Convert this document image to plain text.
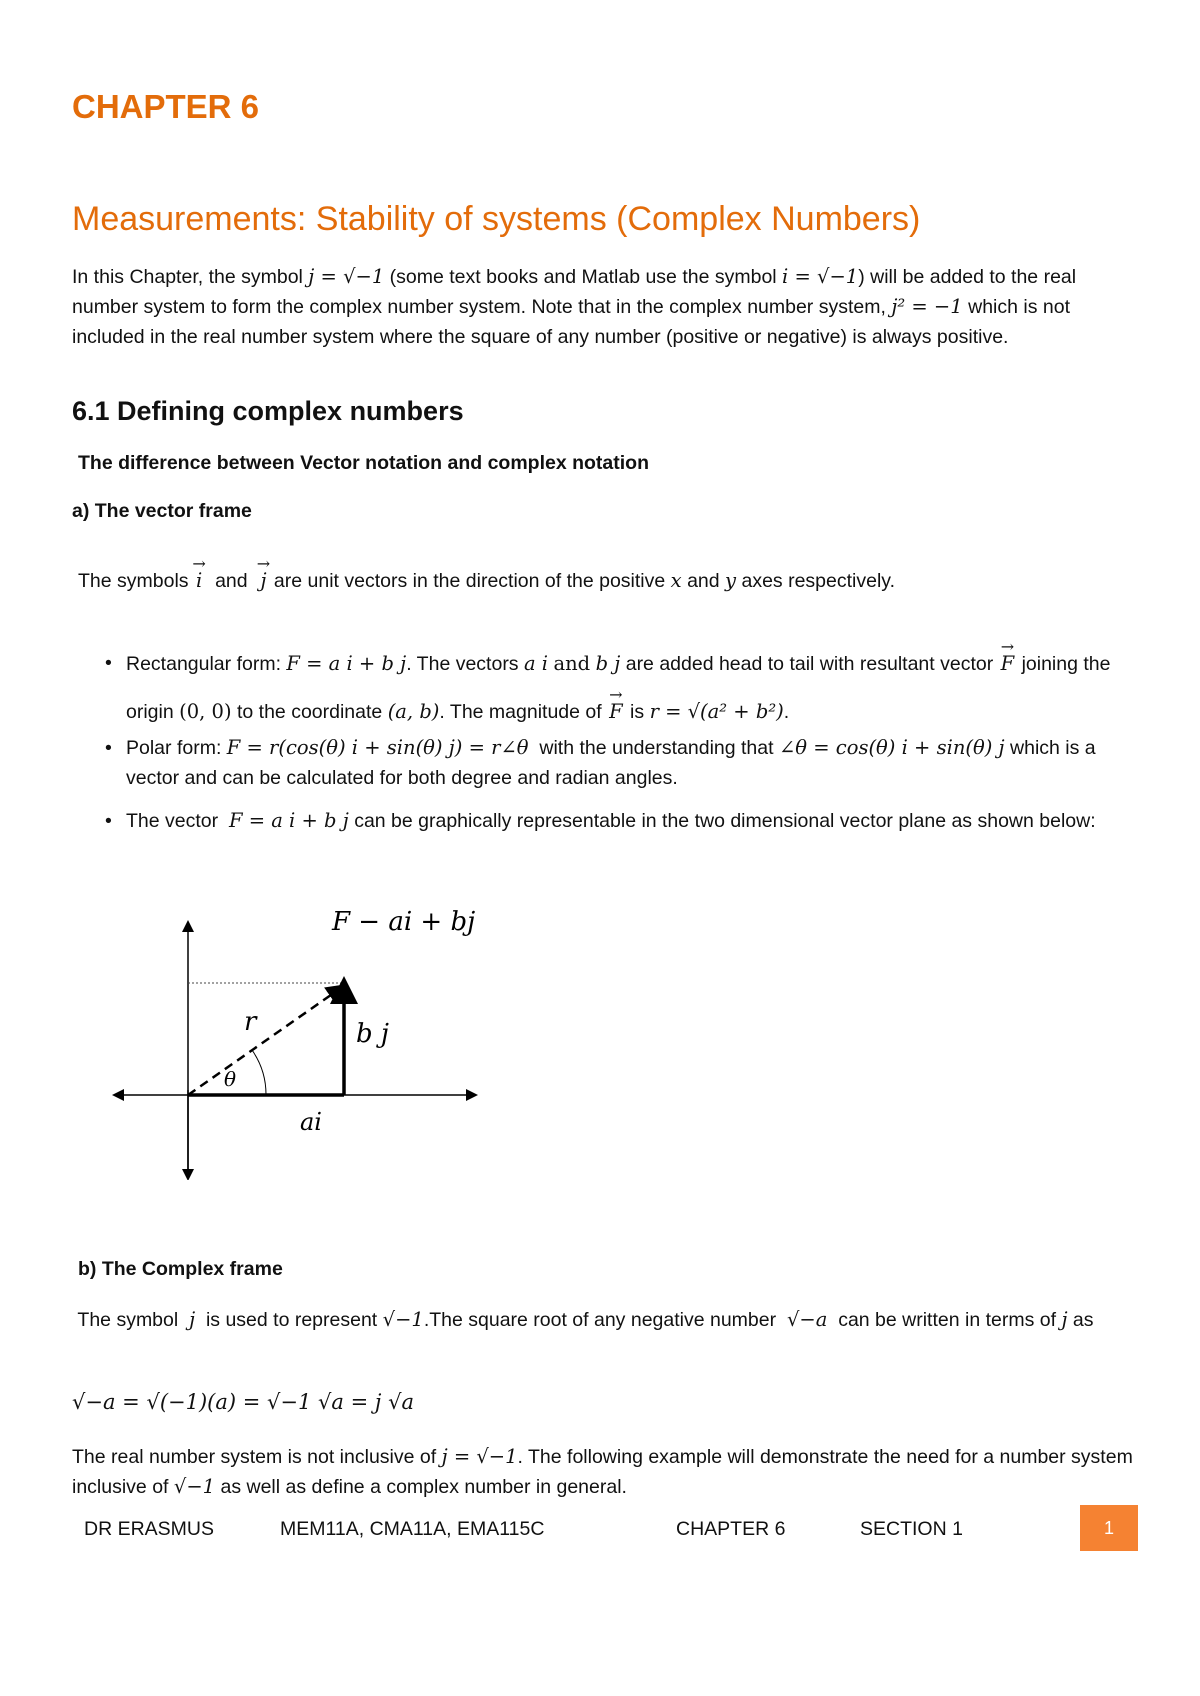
CHAPTER 6
Measurements: Stability of systems (Complex Numbers)
In this Chapter, the symbol j = √−1 (some text books and Matlab use the symbol i = √−1) will be added to the real number system to form the complex number system. Note that in the complex number system, j² = −1 which is not included in the real number system where the square of any number (positive or negative) is always positive.
6.1 Defining complex numbers
The difference between Vector notation and complex notation
a) The vector frame
The symbols → i and → j are unit vectors in the direction of the positive x and y axes respectively.
• Rectangular form: F = a i + b j. The vectors a i and b j are added head to tail with resultant vector → F joining the origin (0, 0) to the coordinate (a, b). The magnitude of → F is r = √(a² + b²).
• Polar form: F = r(cos(θ) i + sin(θ) j) = r∠θ with the understanding that ∠θ = cos(θ) i + sin(θ) j which is a vector and can be calculated for both degree and radian angles.
• The vector F = a i + b j can be graphically representable in the two dimensional vector plane as shown below:
F − ai + bj
r
θ
b j
ai
b) The Complex frame
The symbol j is used to represent √−1.The square root of any negative number √−a can be written in terms of j as
√−a = √(−1)(a) = √−1 √a = j √a
The real number system is not inclusive of j = √−1. The following example will demonstrate the need for a number system inclusive of √−1 as well as define a complex number in general.
DR ERASMUS	MEM11A, CMA11A, EMA115C	CHAPTER 6	SECTION 1	1
